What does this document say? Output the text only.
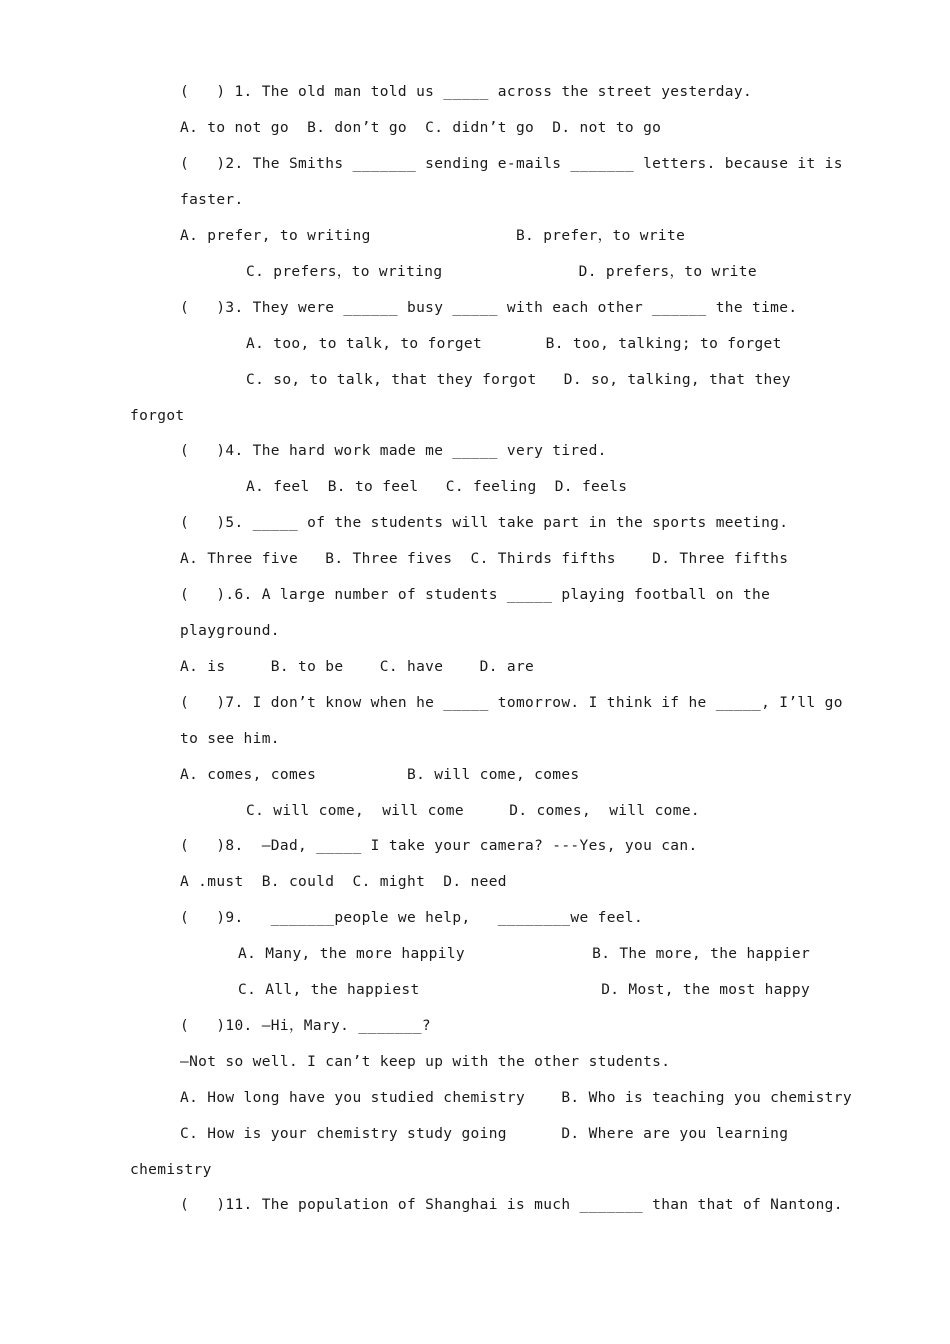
(   ) 1. The old man told us _____ across the street yesterday.
A. to not go  B. don’t go  C. didn’t go  D. not to go
(   )2. The Smiths _______ sending e-mails _______ letters. because it is
faster.
A. prefer, to writing                B. prefer，to write
C. prefers，to writing               D. prefers，to write
(   )3. They were ______ busy _____ with each other ______ the time.
A. too, to talk, to forget       B. too, talking; to forget
C. so, to talk, that they forgot   D. so, talking, that they
forgot
(   )4. The hard work made me _____ very tired.
A. feel  B. to feel   C. feeling  D. feels
(   )5. _____ of the students will take part in the sports meeting.
A. Three five   B. Three fives  C. Thirds fifths    D. Three fifths
(   ).6. A large number of students _____ playing football on the
playground.
A. is     B. to be    C. have    D. are
(   )7. I don’t know when he _____ tomorrow. I think if he _____, I’ll go
to see him.
A. comes, comes          B. will come, comes
C. will come,  will come     D. comes,  will come.
(   )8.  –Dad, _____ I take your camera? ---Yes, you can.
A .must  B. could  C. might  D. need
(   )9.   _______people we help,   ________we feel.
A. Many, the more happily              B. The more, the happier
C. All, the happiest                    D. Most, the most happy
(   )10. —Hi，Mary. _______?
—Not so well. I can’t keep up with the other students.
A. How long have you studied chemistry    B. Who is teaching you chemistry
C. How is your chemistry study going      D. Where are you learning
chemistry
(   )11. The population of Shanghai is much _______ than that of Nantong.
